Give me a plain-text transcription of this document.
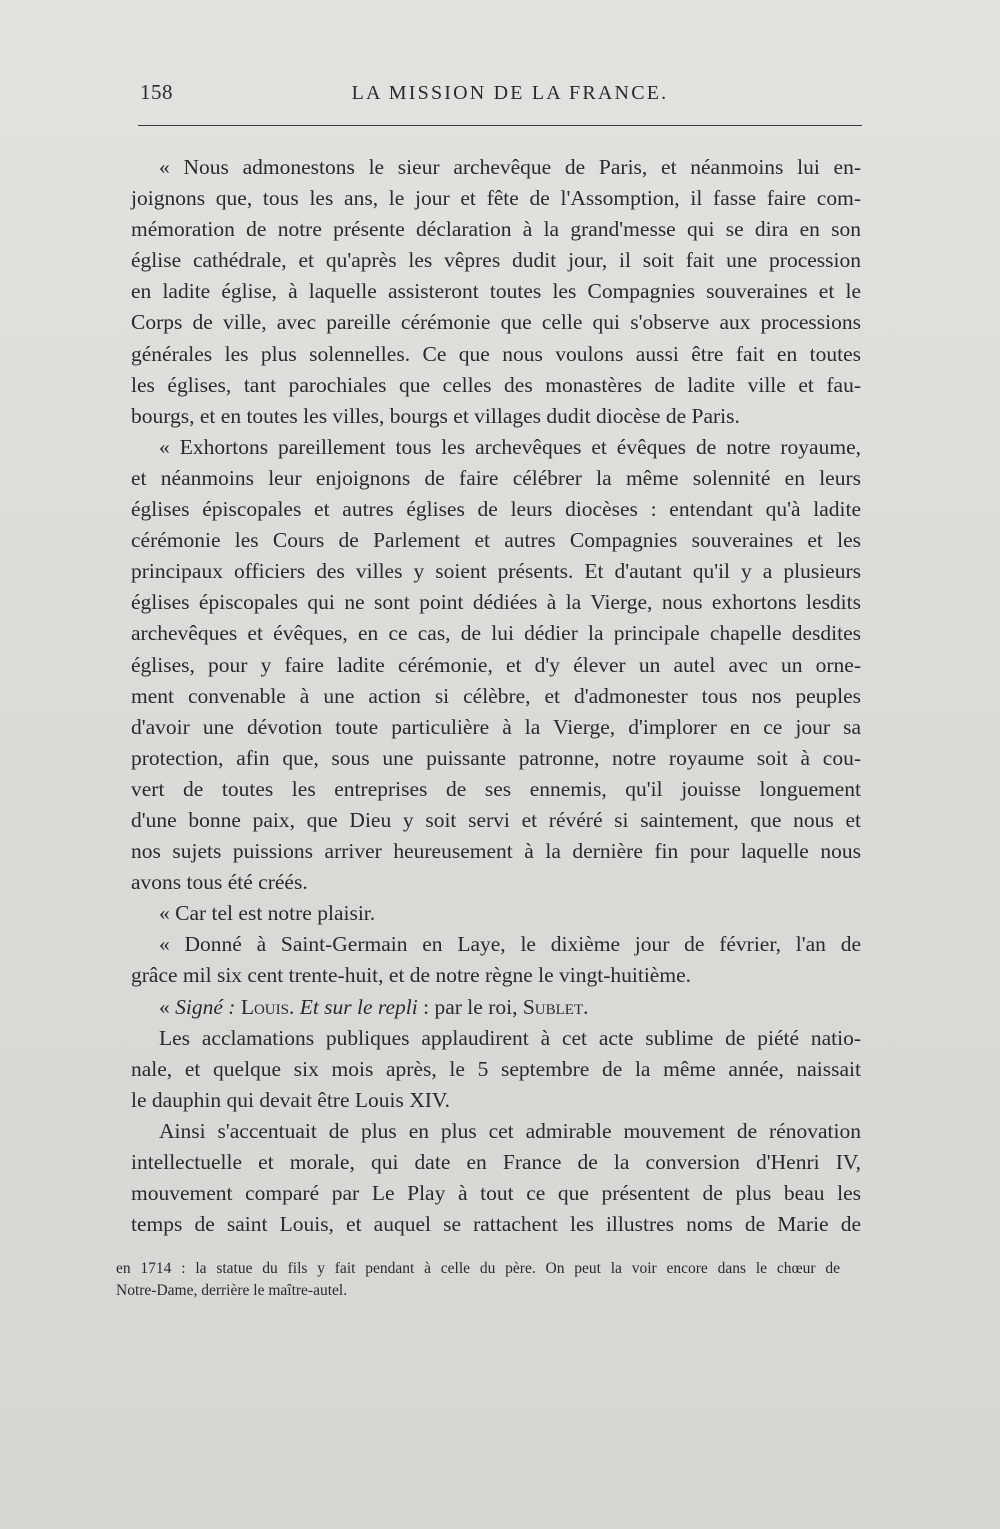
158	LA MISSION DE LA FRANCE.
« Nous admonestons le sieur archevêque de Paris, et néanmoins lui en-
joignons que, tous les ans, le jour et fête de l'Assomption, il fasse faire com-
mémoration de notre présente déclaration à la grand'messe qui se dira en son
église cathédrale, et qu'après les vêpres dudit jour, il soit fait une procession
en ladite église, à laquelle assisteront toutes les Compagnies souveraines et le
Corps de ville, avec pareille cérémonie que celle qui s'observe aux processions
générales les plus solennelles. Ce que nous voulons aussi être fait en toutes
les églises, tant parochiales que celles des monastères de ladite ville et fau-
bourgs, et en toutes les villes, bourgs et villages dudit diocèse de Paris.
« Exhortons pareillement tous les archevêques et évêques de notre royaume,
et néanmoins leur enjoignons de faire célébrer la même solennité en leurs
églises épiscopales et autres églises de leurs diocèses : entendant qu'à ladite
cérémonie les Cours de Parlement et autres Compagnies souveraines et les
principaux officiers des villes y soient présents. Et d'autant qu'il y a plusieurs
églises épiscopales qui ne sont point dédiées à la Vierge, nous exhortons lesdits
archevêques et évêques, en ce cas, de lui dédier la principale chapelle desdites
églises, pour y faire ladite cérémonie, et d'y élever un autel avec un orne-
ment convenable à une action si célèbre, et d'admonester tous nos peuples
d'avoir une dévotion toute particulière à la Vierge, d'implorer en ce jour sa
protection, afin que, sous une puissante patronne, notre royaume soit à cou-
vert de toutes les entreprises de ses ennemis, qu'il jouisse longuement
d'une bonne paix, que Dieu y soit servi et révéré si saintement, que nous et
nos sujets puissions arriver heureusement à la dernière fin pour laquelle nous
avons tous été créés.
« Car tel est notre plaisir.
« Donné à Saint-Germain en Laye, le dixième jour de février, l'an de
grâce mil six cent trente-huit, et de notre règne le vingt-huitième.
« Signé : Louis. Et sur le repli : par le roi, Sublet.
Les acclamations publiques applaudirent à cet acte sublime de piété natio-
nale, et quelque six mois après, le 5 septembre de la même année, naissait
le dauphin qui devait être Louis XIV.
Ainsi s'accentuait de plus en plus cet admirable mouvement de rénovation
intellectuelle et morale, qui date en France de la conversion d'Henri IV,
mouvement comparé par Le Play à tout ce que présentent de plus beau les
temps de saint Louis, et auquel se rattachent les illustres noms de Marie de
en 1714 : la statue du fils y fait pendant à celle du père. On peut la voir encore dans le chœur de
Notre-Dame, derrière le maître-autel.
